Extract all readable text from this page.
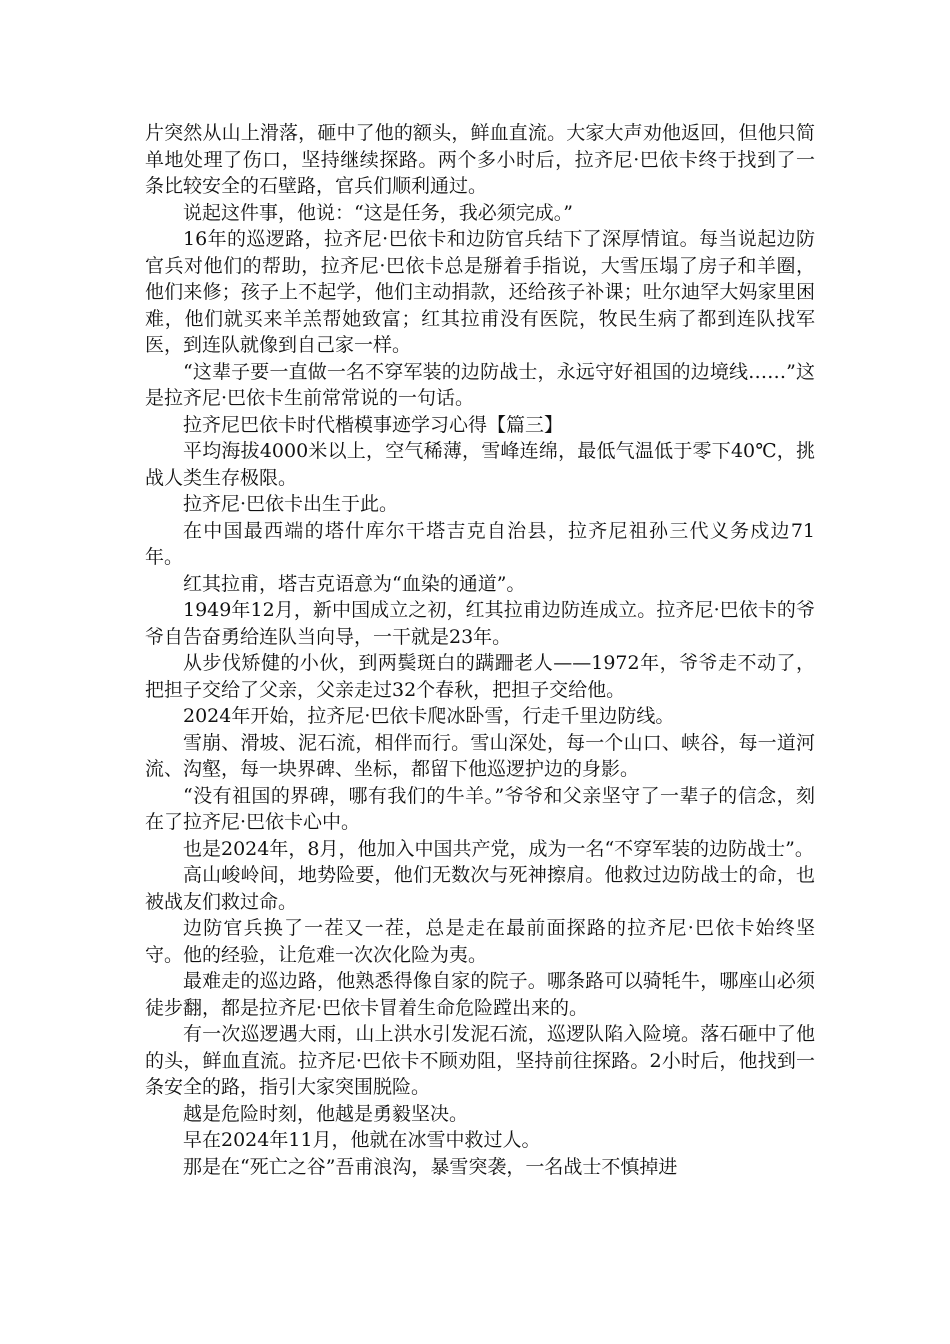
片突然从山上滑落，砸中了他的额头，鲜血直流。大家大声劝他返回，但他只简单地处理了伤口，坚持继续探路。两个多小时后，拉齐尼·巴依卡终于找到了一条比较安全的石壁路，官兵们顺利通过。

说起这件事，他说：“这是任务，我必须完成。”

16年的巡逻路，拉齐尼·巴依卡和边防官兵结下了深厚情谊。每当说起边防官兵对他们的帮助，拉齐尼·巴依卡总是掰着手指说，大雪压塌了房子和羊圈，他们来修；孩子上不起学，他们主动捐款，还给孩子补课；吐尔迪罕大妈家里困难，他们就买来羊羔帮她致富；红其拉甫没有医院，牧民生病了都到连队找军医，到连队就像到自己家一样。

“这辈子要一直做一名不穿军装的边防战士，永远守好祖国的边境线……”这是拉齐尼·巴依卡生前常常说的一句话。

拉齐尼巴依卡时代楷模事迹学习心得【篇三】

平均海拔4000米以上，空气稀薄，雪峰连绵，最低气温低于零下40℃，挑战人类生存极限。

拉齐尼·巴依卡出生于此。

在中国最西端的塔什库尔干塔吉克自治县，拉齐尼祖孙三代义务戍边71年。

红其拉甫，塔吉克语意为“血染的通道”。

1949年12月，新中国成立之初，红其拉甫边防连成立。拉齐尼·巴依卡的爷爷自告奋勇给连队当向导，一干就是23年。

从步伐矫健的小伙，到两鬓斑白的蹒跚老人——1972年，爷爷走不动了，把担子交给了父亲，父亲走过32个春秋，把担子交给他。

2024年开始，拉齐尼·巴依卡爬冰卧雪，行走千里边防线。

雪崩、滑坡、泥石流，相伴而行。雪山深处，每一个山口、峡谷，每一道河流、沟壑，每一块界碑、坐标，都留下他巡逻护边的身影。

“没有祖国的界碑，哪有我们的牛羊。”爷爷和父亲坚守了一辈子的信念，刻在了拉齐尼·巴依卡心中。

也是2024年，8月，他加入中国共产党，成为一名“不穿军装的边防战士”。

高山峻岭间，地势险要，他们无数次与死神擦肩。他救过边防战士的命，也被战友们救过命。

边防官兵换了一茬又一茬，总是走在最前面探路的拉齐尼·巴依卡始终坚守。他的经验，让危难一次次化险为夷。

最难走的巡边路，他熟悉得像自家的院子。哪条路可以骑牦牛，哪座山必须徒步翻，都是拉齐尼·巴依卡冒着生命危险蹚出来的。

有一次巡逻遇大雨，山上洪水引发泥石流，巡逻队陷入险境。落石砸中了他的头，鲜血直流。拉齐尼·巴依卡不顾劝阻，坚持前往探路。2小时后，他找到一条安全的路，指引大家突围脱险。

越是危险时刻，他越是勇毅坚决。

早在2024年11月，他就在冰雪中救过人。

那是在“死亡之谷”吾甫浪沟，暴雪突袭，一名战士不慎掉进
